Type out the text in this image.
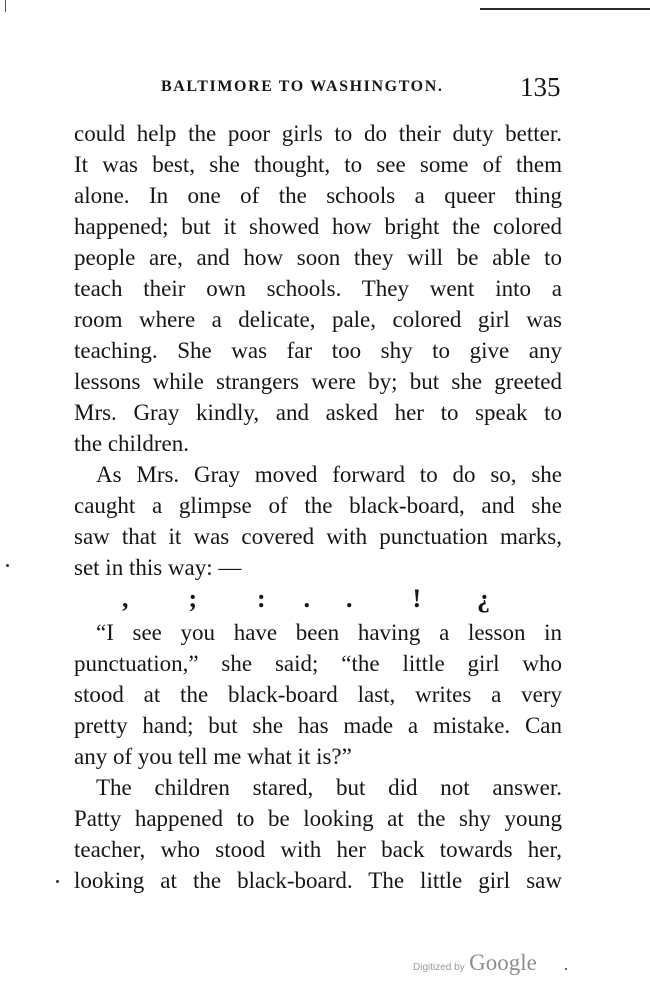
BALTIMORE TO WASHINGTON.	135
could help the poor girls to do their duty better.
It was best, she thought, to see some of them
alone. In one of the schools a queer thing
happened; but it showed how bright the colored
people are, and how soon they will be able to
teach their own schools. They went into a
room where a delicate, pale, colored girl was
teaching. She was far too shy to give any
lessons while strangers were by; but she greeted
Mrs. Gray kindly, and asked her to speak to
the children.
As Mrs. Gray moved forward to do so, she
caught a glimpse of the black-board, and she
saw that it was covered with punctuation marks,
set in this way: —
, ; : . . ! ¿
“I see you have been having a lesson in
punctuation,” she said; “the little girl who
stood at the black-board last, writes a very
pretty hand; but she has made a mistake. Can
any of you tell me what it is?”
The children stared, but did not answer.
Patty happened to be looking at the shy young
teacher, who stood with her back towards her,
looking at the black-board. The little girl saw
Digitized by Google
